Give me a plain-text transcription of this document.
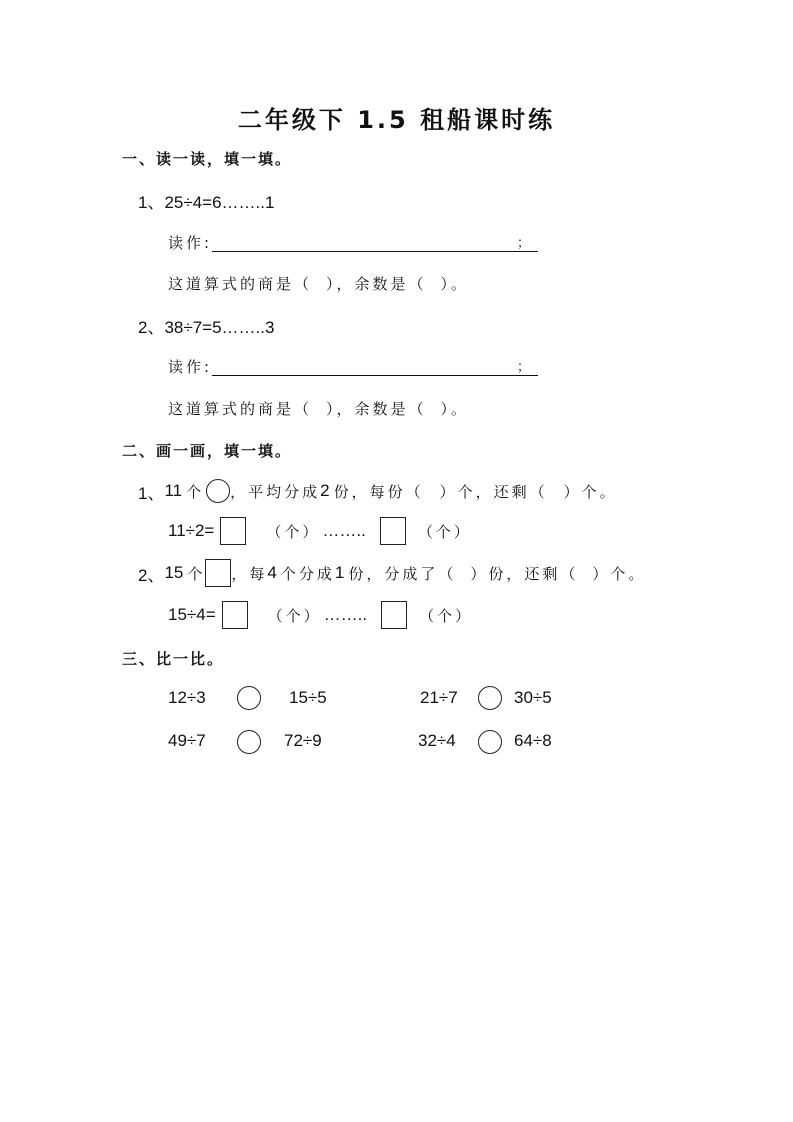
二年级下 1.5 租船课时练
一、读一读，填一填。
1、25÷4=6……..1
读作:	；
这道算式的商是（ ），余数是（ ）。
2、38÷7=5……..3
读作:	；
这道算式的商是（ ），余数是（ ）。
二、画一画，填一填。
1、 11 个 ，平均分成 2 份，每份（ ）个，还剩（ ）个。
11÷2=	（个） ……..	（个）
2、 15 个 ，每 4 个分成 1 份，分成了（ ）份，还剩（ ）个。
15÷4=	（个） ……..	（个）
三、比一比。
12÷3	15÷5	21÷7	30÷5
49÷7	72÷9	32÷4	64÷8
